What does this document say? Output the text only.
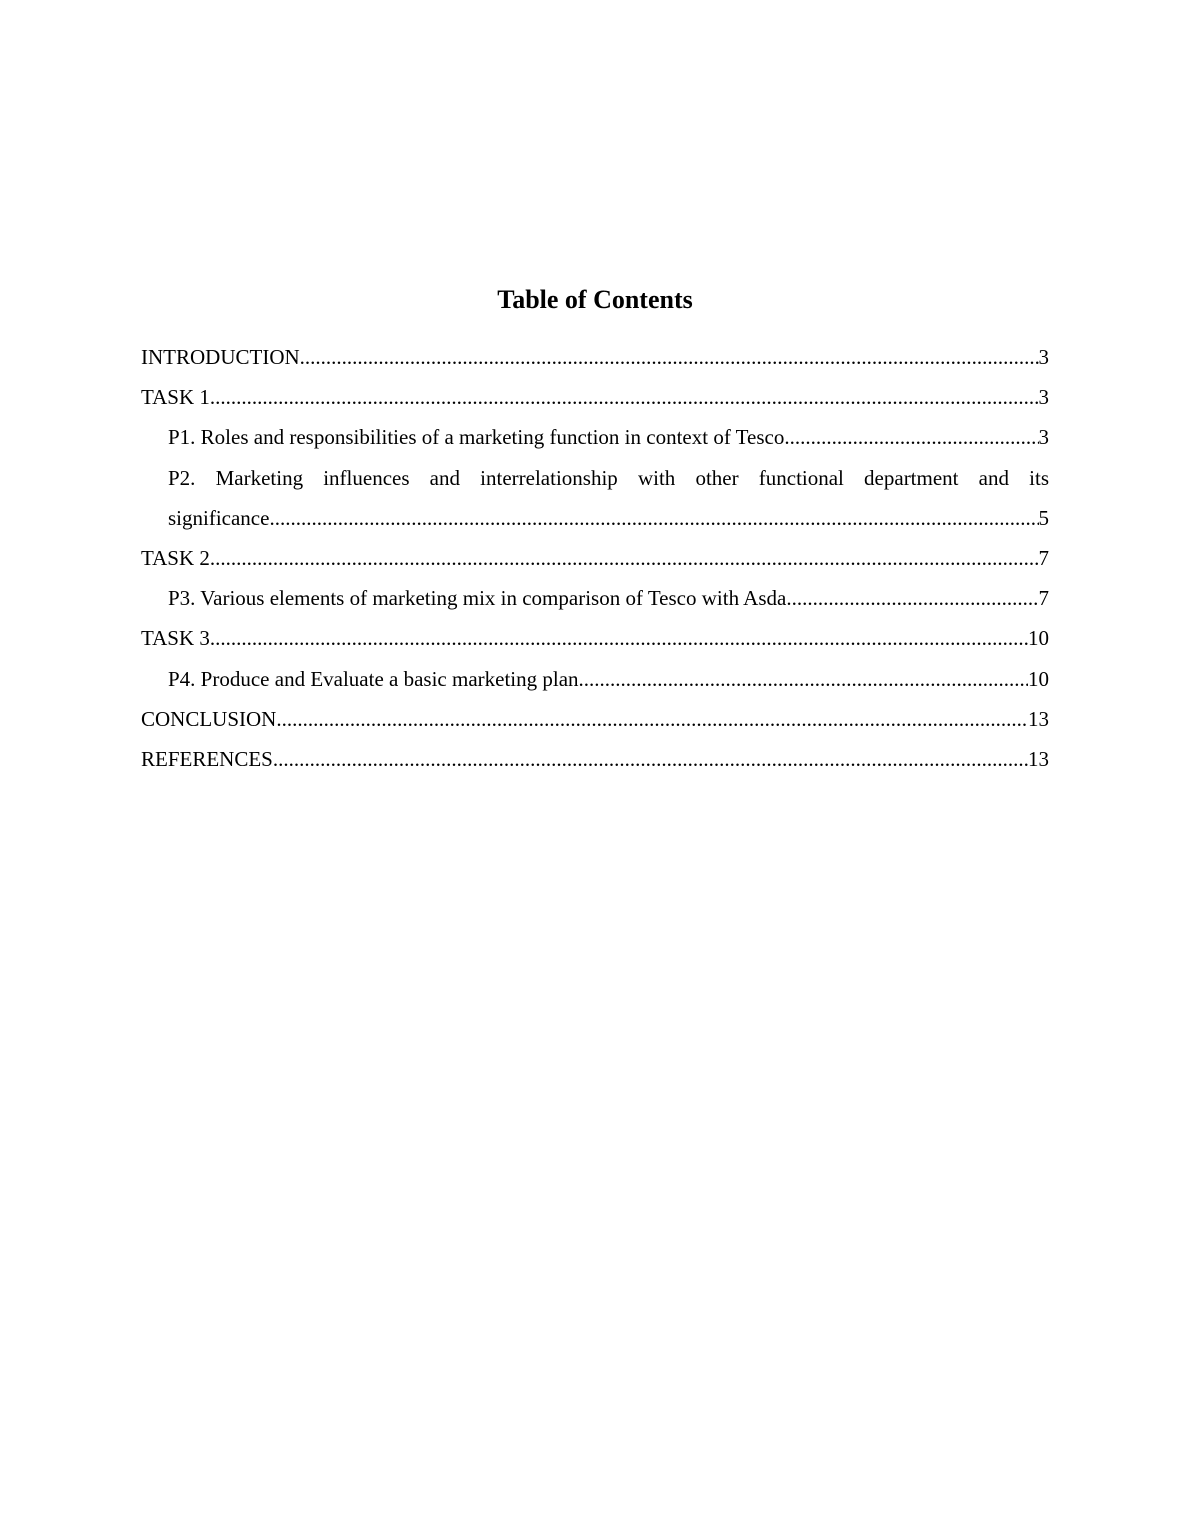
Table of Contents
INTRODUCTION .....	3
TASK 1 .....	3
P1. Roles and responsibilities of a marketing function in context of Tesco .....	3
P2. Marketing influences and interrelationship with other functional department and its
significance .....	5
TASK 2 .....	7
P3. Various elements of marketing mix in comparison of Tesco with Asda .....	7
TASK 3 .....	10
P4. Produce and Evaluate a basic marketing plan .....	10
CONCLUSION .....	13
REFERENCES .....	13
